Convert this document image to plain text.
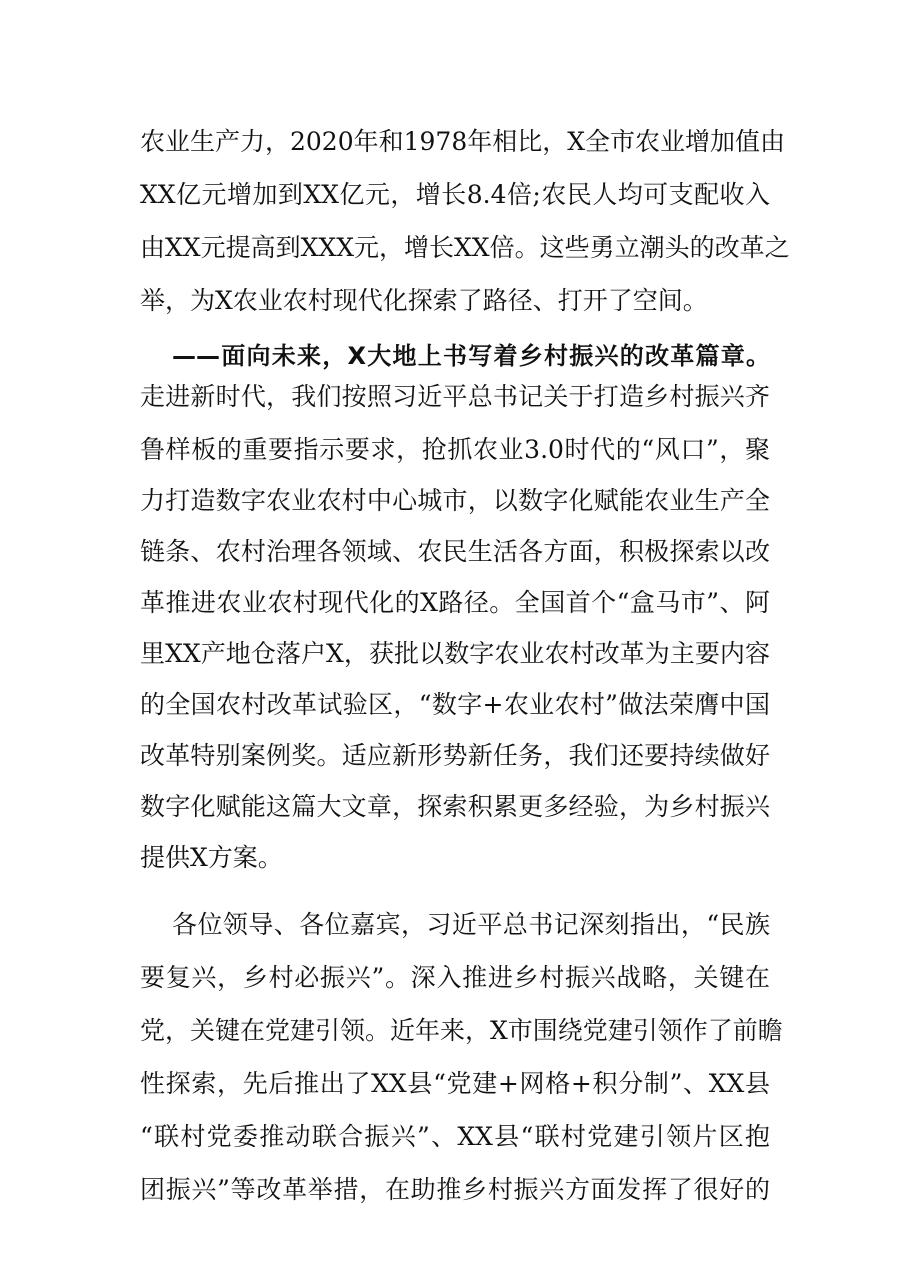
农业生产力，2020年和1978年相比，X全市农业增加值由
XX亿元增加到XX亿元，增长8.4倍;农民人均可支配收入
由XX元提高到XXX元，增长XX倍。这些勇立潮头的改革之
举，为X农业农村现代化探索了路径、打开了空间。
——面向未来，X大地上书写着乡村振兴的改革篇章。
走进新时代，我们按照习近平总书记关于打造乡村振兴齐
鲁样板的重要指示要求，抢抓农业3.0时代的“风口”，聚
力打造数字农业农村中心城市，以数字化赋能农业生产全
链条、农村治理各领域、农民生活各方面，积极探索以改
革推进农业农村现代化的X路径。全国首个“盒马市”、阿
里XX产地仓落户X，获批以数字农业农村改革为主要内容
的全国农村改革试验区，“数字+农业农村”做法荣膺中国
改革特别案例奖。适应新形势新任务，我们还要持续做好
数字化赋能这篇大文章，探索积累更多经验，为乡村振兴
提供X方案。
各位领导、各位嘉宾，习近平总书记深刻指出，“民族
要复兴，乡村必振兴”。深入推进乡村振兴战略，关键在
党，关键在党建引领。近年来，X市围绕党建引领作了前瞻
性探索，先后推出了XX县“党建+网格+积分制”、XX县
“联村党委推动联合振兴”、XX县“联村党建引领片区抱
团振兴”等改革举措，在助推乡村振兴方面发挥了很好的
